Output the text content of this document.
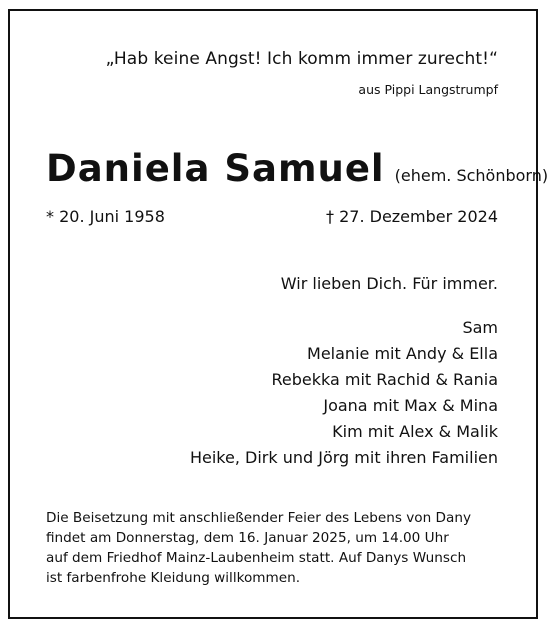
„Hab keine Angst! Ich komm immer zurecht!“
aus Pippi Langstrumpf
Daniela Samuel (ehem. Schönborn)
* 20. Juni 1958	† 27. Dezember 2024
Wir lieben Dich. Für immer.
Sam
Melanie mit Andy & Ella
Rebekka mit Rachid & Rania
Joana mit Max & Mina
Kim mit Alex & Malik
Heike, Dirk und Jörg mit ihren Familien
Die Beisetzung mit anschließender Feier des Lebens von Dany
findet am Donnerstag, dem 16. Januar 2025, um 14.00 Uhr
auf dem Friedhof Mainz-Laubenheim statt. Auf Danys Wunsch
ist farbenfrohe Kleidung willkommen.
